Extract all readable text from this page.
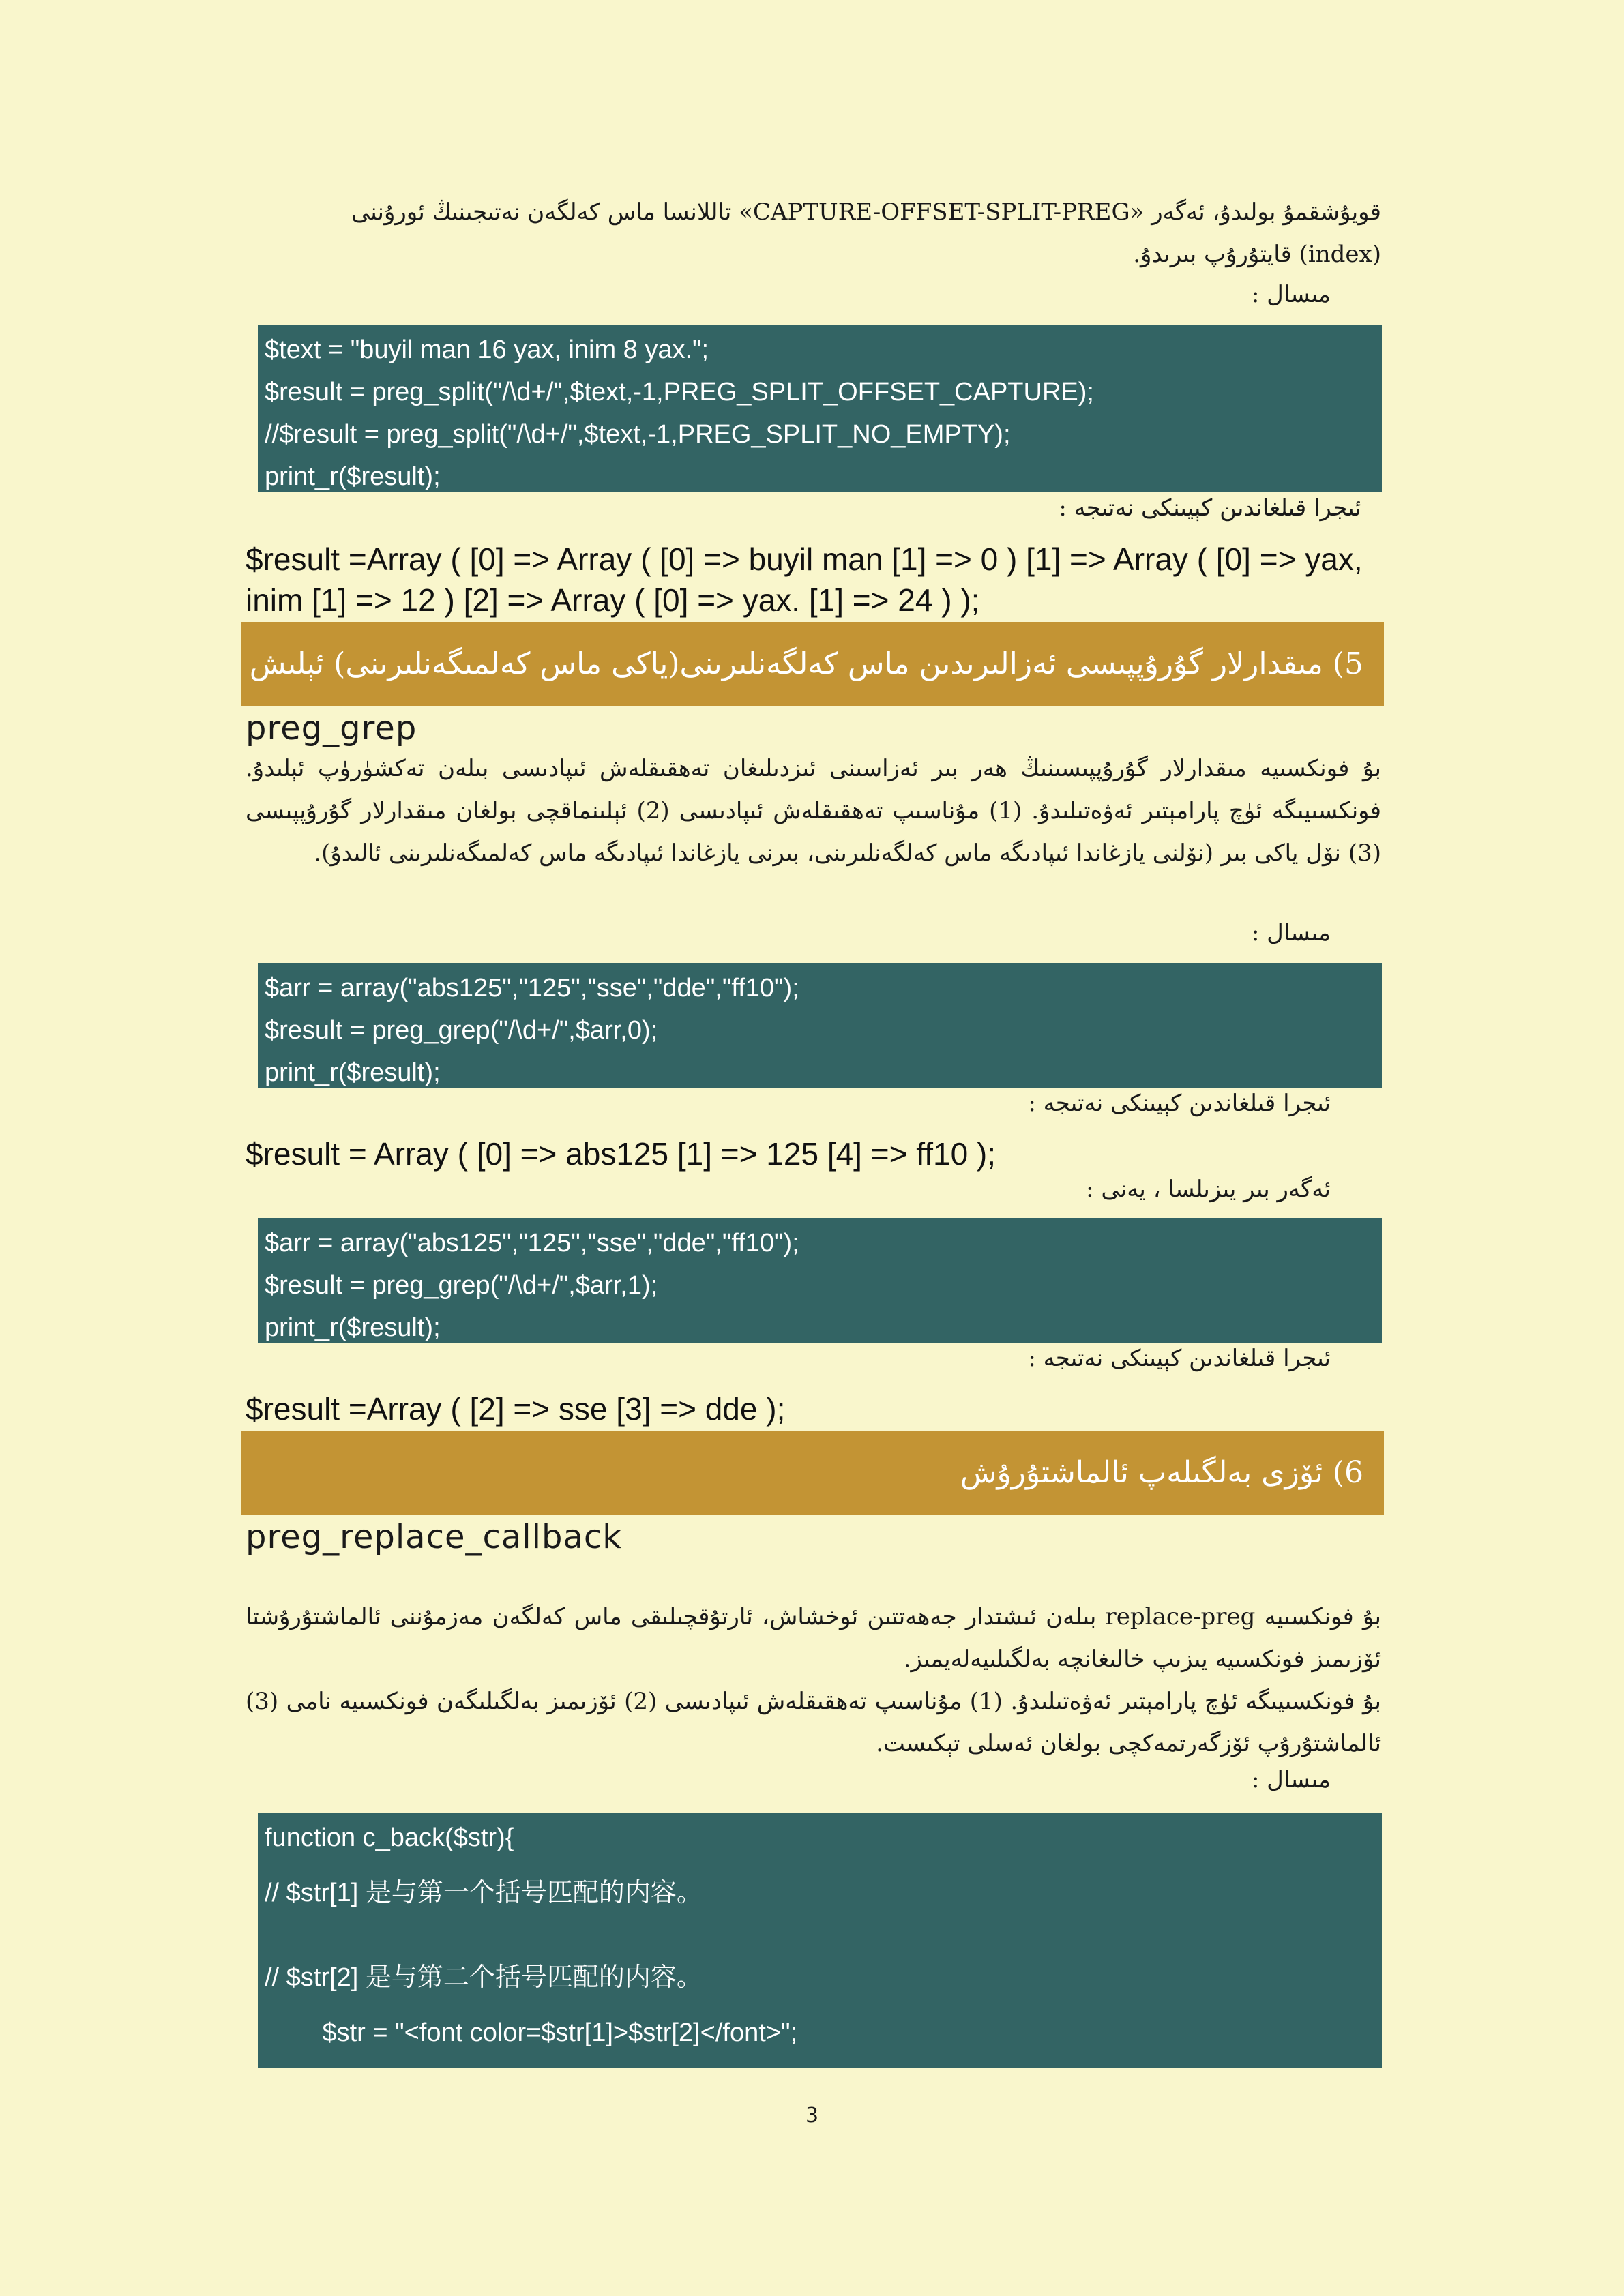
قويۇشقمۇ بولىدۇ، ئەگەر «CAPTURE-OFFSET-SPLIT-PREG» تاللانسا ماس كەلگەن نەتىجىنىڭ ئورۇننى
(index) قايتۇرۇپ بىرىدۇ.
مىسال :
$text = "buyil man 16 yax, inim 8 yax.";
$result = preg_split("/\d+/",$text,-1,PREG_SPLIT_OFFSET_CAPTURE);
//$result = preg_split("/\d+/",$text,-1,PREG_SPLIT_NO_EMPTY);
print_r($result);
ئىجرا قىلغاندىن كېيىنكى نەتىجە :
$result =Array ( [0] => Array ( [0] => buyil man [1] => 0 ) [1] => Array ( [0] => yax, inim [1] => 12 ) [2] => Array ( [0] => yax. [1] => 24 ) );
5) مىقدارلار گۇرۇپپىسى ئەزالىرىدىن ماس كەلگەنلىرىنى(ياكى ماس كەلمىگەنلىرىنى) ئېلىش
preg_grep
بۇ فونكسىيە مىقدارلار گۇرۇپپىسىنىڭ ھەر بىر ئەزاسىنى ئىزدىلىغان تەھقىقلەش ئىپادىسى بىلەن تەكشۈرۈپ ئېلىدۇ. فونكسىيىگە ئۈچ پارامېتىر ئەۋەتىلىدۇ. (1) مۇناسىپ تەھقىقلەش ئىپادىسى (2) ئېلىنماقچى بولغان مىقدارلار گۇرۇپپىسى (3) نۆل ياكى بىر (نۆلنى يازغاندا ئىپادىگە ماس كەلگەنلىرىنى، بىرنى يازغاندا ئىپادىگە ماس كەلمىگەنلىرىنى ئالىدۇ).
مىسال :
$arr = array("abs125","125","sse","dde","ff10");
$result = preg_grep("/\d+/",$arr,0);
print_r($result);
ئىجرا قىلغاندىن كېيىنكى نەتىجە :
$result = Array ( [0] => abs125 [1] => 125 [4] => ff10 );
ئەگەر بىر يىزىلسا ، يەنى :
$arr = array("abs125","125","sse","dde","ff10");
$result = preg_grep("/\d+/",$arr,1);
print_r($result);
ئىجرا قىلغاندىن كېيىنكى نەتىجە :
$result =Array ( [2] => sse [3] => dde );
6) ئۆزى بەلگىلەپ ئالماشتۇرۇش
preg_replace_callback
بۇ فونكسىيە replace-preg بىلەن ئىشتدار جەھەتتىن ئوخشاش، ئارتۇقچىلىقى ماس كەلگەن مەزمۇننى ئالماشتۇرۇشتا ئۆزىمىز فونكسىيە يىزىپ خالىغانچە بەلگىلىيەلەيمىز.
بۇ فونكسىيىگە ئۈچ پارامېتىر ئەۋەتىلىدۇ. (1) مۇناسىپ تەھقىقلەش ئىپادىسى (2) ئۆزىمىز بەلگىلىگەن فونكسىيە نامى (3) ئالماشتۇرۇپ ئۆزگەرتمەكچى بولغان ئەسلى تېكىست.
مىسال :
function c_back($str){
// $str[1] 是与第一个括号匹配的内容。
// $str[2] 是与第二个括号匹配的内容。
$str = "<font color=$str[1]>$str[2]</font>";
3
